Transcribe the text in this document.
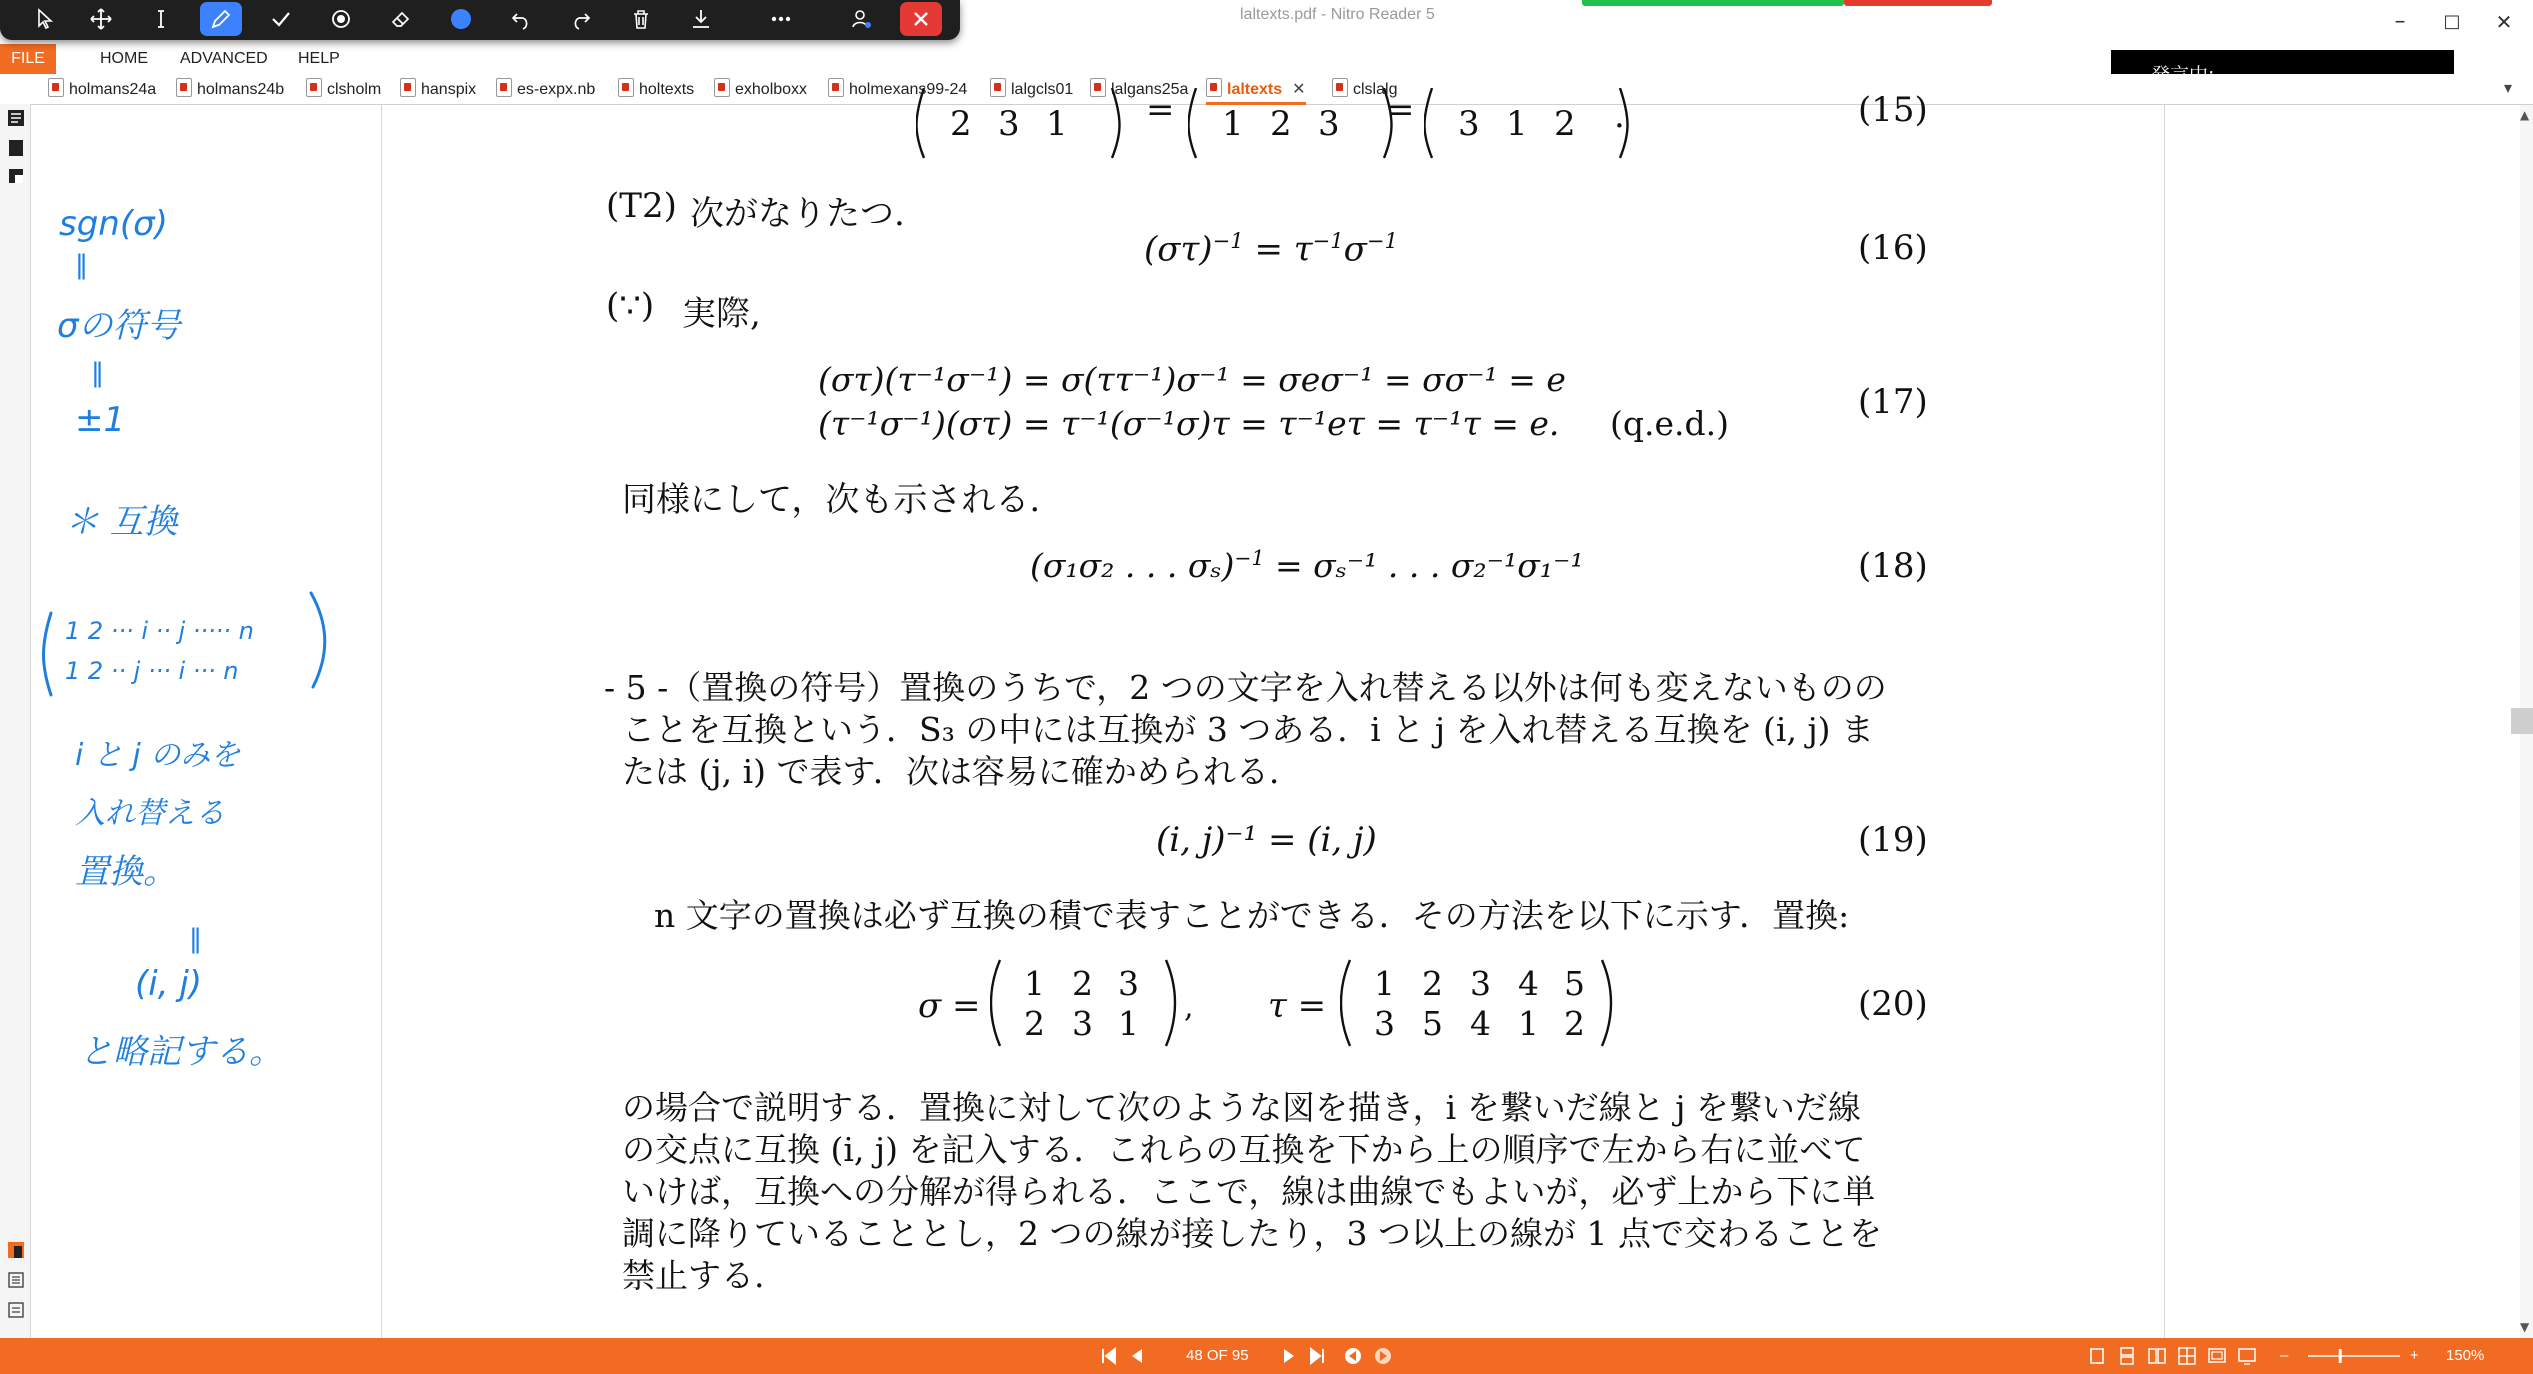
laltexts.pdf - Nitro Reader 5	–	□	✕
FILE	HOME	ADVANCED	HELP
holmans24a	holmans24b	clsholm	hanspix	es-expx.nb	holtexts	exholboxx	holmexans99-24	lalgcls01	lalgans25a	laltexts ✕	clslalg	▾
sgn(σ)
‖
σの符号
‖
±1
＊ 互換
1 2 ··· i ·· j ····· n
1 2 ·· j ··· i ··· n
i と j のみを
入れ替える
置換。
‖
(i, j)
と略記する。
▲
▼
2 3 1 = 1 2 3 = 3 1 2 .	(15)
(T2) 次がなりたつ.
$(\sigma\tau)^{-1} = \tau^{-1}\sigma^{-1}$	(16)
(∵) 実際,
(στ)(τ⁻¹σ⁻¹) = σ(ττ⁻¹)σ⁻¹ = σeσ⁻¹ = σσ⁻¹ = e
(τ⁻¹σ⁻¹)(στ) = τ⁻¹(σ⁻¹σ)τ = τ⁻¹eτ = τ⁻¹τ = e. (q.e.d.)
(17)
同様にして，次も示される.
(σ₁σ₂ . . . σₛ)$^{-1}$ = σₛ⁻¹ . . . σ₂⁻¹σ₁⁻¹	(18)
- 5 -（置換の符号）置換のうちで，2 つの文字を入れ替える以外は何も変えないものの
ことを互換という．S₃ の中には互換が 3 つある．i と j を入れ替える互換を (i, j) ま
たは (j, i) で表す．次は容易に確かめられる.
(i, j)⁻¹ = (i, j)	(19)
n 文字の置換は必ず互換の積で表すことができる．その方法を以下に示す．置換:
σ =
1 2 3
2 3 1 , τ =
1 2 3 4 5
3 5 4 1 2	(20)
の場合で説明する．置換に対して次のような図を描き，i を繋いだ線と j を繋いだ線
の交点に互換 (i, j) を記入する．これらの互換を下から上の順序で左から右に並べて
いけば，互換への分解が得られる．ここで，線は曲線でもよいが，必ず上から下に単
調に降りていることとし，2 つの線が接したり，3 つ以上の線が 1 点で交わることを
禁止する.
48 OF 95	–	+ 150%
